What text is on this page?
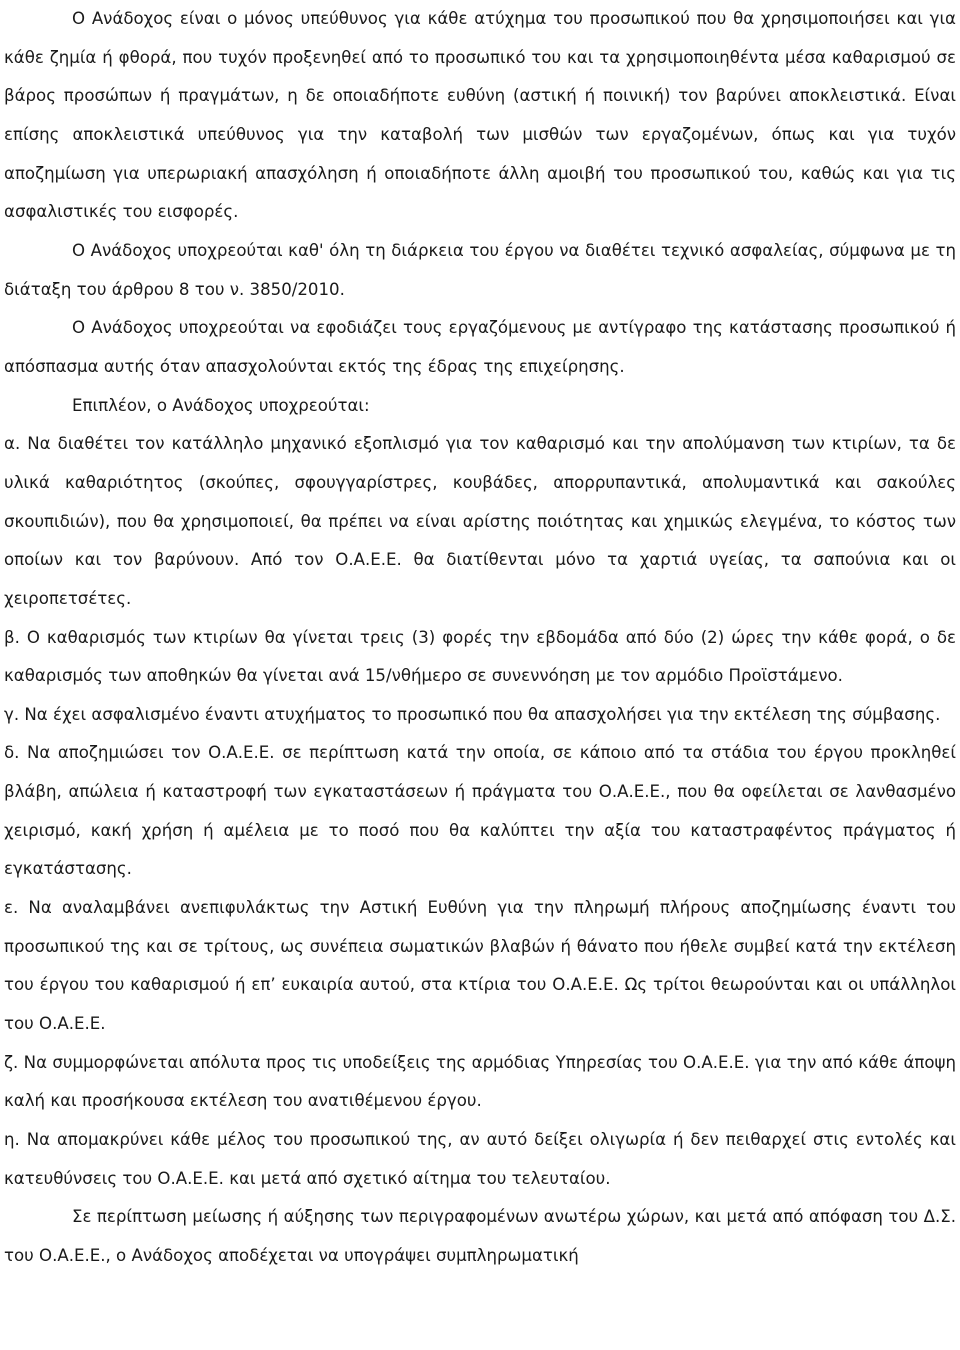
Ο Ανάδοχος είναι ο μόνος υπεύθυνος για κάθε ατύχημα του προσωπικού που θα χρησιμοποιήσει και για κάθε ζημία ή φθορά, που τυχόν προξενηθεί από το προσωπικό του και τα χρησιμοποιηθέντα μέσα καθαρισμού σε βάρος προσώπων ή πραγμάτων, η δε οποιαδήποτε ευθύνη (αστική ή ποινική) τον βαρύνει αποκλειστικά. Είναι επίσης αποκλειστικά υπεύθυνος για την καταβολή των μισθών των εργαζομένων, όπως και για τυχόν αποζημίωση για υπερωριακή απασχόληση ή οποιαδήποτε άλλη αμοιβή του προσωπικού του, καθώς και για τις ασφαλιστικές του εισφορές.

Ο Ανάδοχος υποχρεούται καθ' όλη τη διάρκεια του έργου να διαθέτει τεχνικό ασφαλείας, σύμφωνα με τη διάταξη του άρθρου 8 του ν. 3850/2010.

Ο Ανάδοχος υποχρεούται να εφοδιάζει τους εργαζόμενους με αντίγραφο της κατάστασης προσωπικού ή απόσπασμα αυτής όταν απασχολούνται εκτός της έδρας της επιχείρησης.

Επιπλέον, ο Ανάδοχος υποχρεούται:

α. Να διαθέτει τον κατάλληλο μηχανικό εξοπλισμό για τον καθαρισμό και την απολύμανση των κτιρίων, τα δε υλικά καθαριότητος (σκούπες, σφουγγαρίστρες, κουβάδες, απορρυπαντικά, απολυμαντικά και σακούλες σκουπιδιών), που θα χρησιμοποιεί, θα πρέπει να είναι αρίστης ποιότητας και χημικώς ελεγμένα, το κόστος των οποίων και τον βαρύνουν. Από τον Ο.Α.Ε.Ε. θα διατίθενται μόνο τα χαρτιά υγείας, τα σαπούνια και οι χειροπετσέτες.

β. Ο καθαρισμός των κτιρίων θα γίνεται τρεις (3) φορές την εβδομάδα από δύο (2) ώρες την κάθε φορά, ο δε καθαρισμός των αποθηκών θα γίνεται ανά 15/νθήμερο σε συνεννόηση με τον αρμόδιο Προϊστάμενο.

γ. Να έχει ασφαλισμένο έναντι ατυχήματος το προσωπικό που θα απασχολήσει για την εκτέλεση της σύμβασης.

δ. Να αποζημιώσει τον Ο.Α.Ε.Ε. σε περίπτωση κατά την οποία, σε κάποιο από τα στάδια του έργου προκληθεί βλάβη, απώλεια ή καταστροφή των εγκαταστάσεων ή πράγματα του Ο.Α.Ε.Ε., που θα οφείλεται σε λανθασμένο χειρισμό, κακή χρήση ή αμέλεια με το ποσό που θα καλύπτει την αξία του καταστραφέντος πράγματος ή εγκατάστασης.

ε. Να αναλαμβάνει ανεπιφυλάκτως την Αστική Ευθύνη για την πληρωμή πλήρους αποζημίωσης έναντι του προσωπικού της και σε τρίτους, ως συνέπεια σωματικών βλαβών ή θάνατο που ήθελε συμβεί κατά την εκτέλεση του έργου του καθαρισμού ή επ’ ευκαιρία αυτού, στα κτίρια του Ο.Α.Ε.Ε. Ως τρίτοι θεωρούνται και οι υπάλληλοι του Ο.Α.Ε.Ε.

ζ. Να συμμορφώνεται απόλυτα προς τις υποδείξεις της αρμόδιας Υπηρεσίας του Ο.Α.Ε.Ε. για την από κάθε άποψη καλή και προσήκουσα εκτέλεση του ανατιθέμενου έργου.

η. Να απομακρύνει κάθε μέλος του προσωπικού της, αν αυτό δείξει ολιγωρία ή δεν πειθαρχεί στις εντολές και κατευθύνσεις του Ο.Α.Ε.Ε. και μετά από σχετικό αίτημα του τελευταίου.

Σε περίπτωση μείωσης ή αύξησης των περιγραφομένων ανωτέρω χώρων, και μετά από απόφαση του Δ.Σ. του Ο.Α.Ε.Ε., ο Ανάδοχος αποδέχεται να υπογράψει συμπληρωματική
